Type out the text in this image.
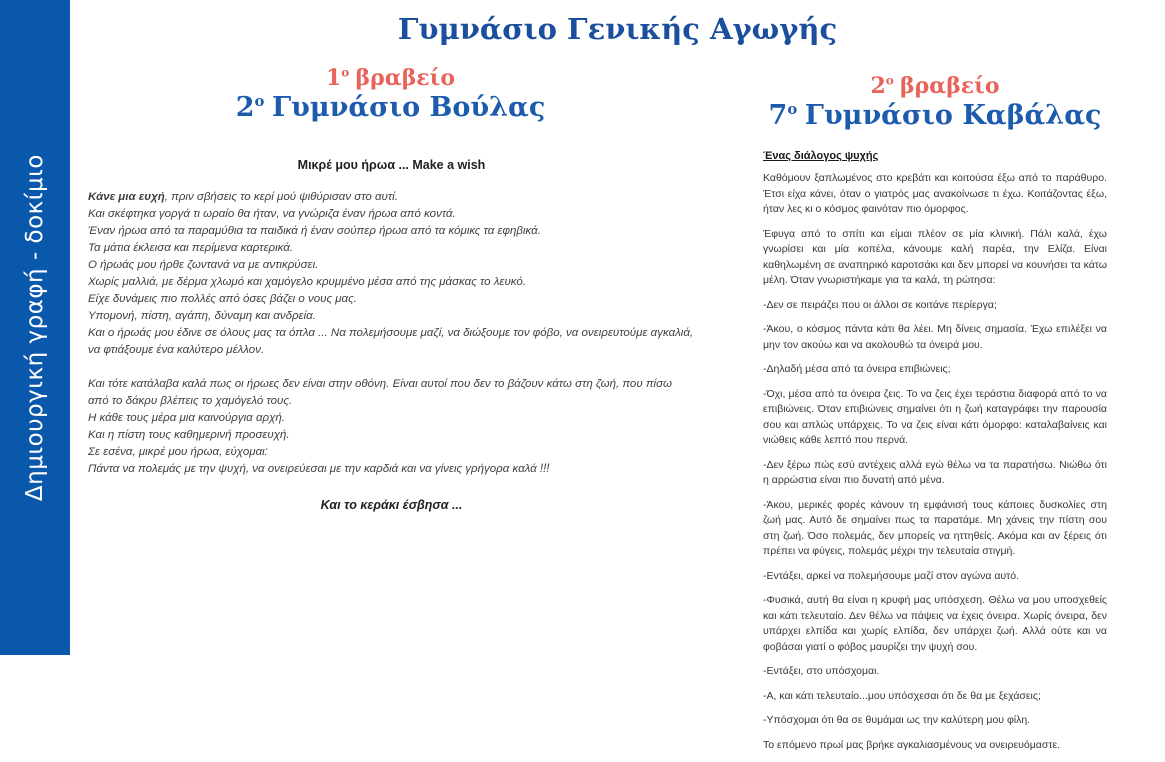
Δημιουργική γραφή - δοκίμιο
Γυμνάσιο Γενικής Αγωγής
$1^o$ βραβείο
$2^o$ Γυμνάσιο Βούλας
$2^o$ βραβείο
$7^o$ Γυμνάσιο Καβάλας
Μικρέ μου ήρωα ... Make a wish
Κάνε μια ευχή, πριν σβήσεις το κερί μού ψιθύρισαν στο αυτί.
Και σκέφτηκα γοργά τι ωραίο θα ήταν, να γνώριζα έναν ήρωα από κοντά.
Έναν ήρωα από τα παραμύθια τα παιδικά ή έναν σούπερ ήρωα από τα κόμικς τα εφηβικά.
Τα μάτια έκλεισα και περίμενα καρτερικά.
Ο ήρωάς μου ήρθε ζωντανά να με αντικρύσει.
Χωρίς μαλλιά, με δέρμα χλωμό και χαμόγελο κρυμμένο μέσα από της μάσκας το λευκό.
Είχε δυνάμεις πιο πολλές από όσες βάζει ο νους μας.
Υπομονή, πίστη, αγάπη, δύναμη και ανδρεία.
Και ο ήρωάς μου έδινε σε όλους μας τα όπλα ... Να πολεμήσουμε μαζί, να διώξουμε τον φόβο, να ονειρευτούμε αγκαλιά, να φτιάξουμε ένα καλύτερο μέλλον.
Και τότε κατάλαβα καλά πως οι ήρωες δεν είναι στην οθόνη. Είναι αυτοί που δεν το βάζουν κάτω στη ζωή, που πίσω από το δάκρυ βλέπεις το χαμόγελό τους.
Η κάθε τους μέρα μια καινούργια αρχή.
Και η πίστη τους καθημερινή προσευχή.
Σε εσένα, μικρέ μου ήρωα, εύχομαι:
Πάντα να πολεμάς με την ψυχή, να ονειρεύεσαι με την καρδιά και να γίνεις γρήγορα καλά !!!
Και το κεράκι έσβησα ...
Ένας διάλογος ψυχής

Καθόμουν ξαπλωμένος στο κρεβάτι και κοιτούσα έξω από το παράθυρο. Έτσι είχα κάνει, όταν ο γιατρός μας ανακοίνωσε τι έχω. Κοιτάζοντας έξω, ήταν λες κι ο κόσμος φαινόταν πιο όμορφος.

Έφυγα από το σπίτι και είμαι πλέον σε μία κλινική. Πάλι καλά, έχω γνωρίσει και μία κοπέλα, κάνουμε καλή παρέα, την Ελίζα. Είναι καθηλωμένη σε αναπηρικό καροτσάκι και δεν μπορεί να κουνήσει τα κάτω μέλη. Όταν γνωριστήκαμε για τα καλά, τη ρώτησα:

-Δεν σε πειράζει που οι άλλοι σε κοιτάνε περίεργα;

-Άκου, ο κόσμος πάντα κάτι θα λέει. Μη δίνεις σημασία. Έχω επιλέξει να μην τον ακούω και να ακολουθώ τα όνειρά μου.

-Δηλαδή μέσα από τα όνειρα επιβιώνεις;

-Όχι, μέσα από τα όνειρα ζεις. Το να ζεις έχει τεράστια διαφορά από το να επιβιώνεις. Όταν επιβιώνεις σημαίνει ότι η ζωή καταγράφει την παρουσία σου και απλώς υπάρχεις. Το να ζεις είναι κάτι όμορφο: καταλαβαίνεις και νιώθεις κάθε λεπτό που περνά.

-Δεν ξέρω πώς εσύ αντέχεις αλλά εγώ θέλω να τα παρατήσω. Νιώθω ότι η αρρώστια είναι πιο δυνατή από μένα.

-Άκου, μερικές φορές κάνουν τη εμφάνισή τους κάποιες δυσκολίες στη ζωή μας. Αυτό δε σημαίνει πως τα παρατάμε. Μη χάνεις την πίστη σου στη ζωή. Όσο πολεμάς, δεν μπορείς να ηττηθείς. Ακόμα και αν ξέρεις ότι πρέπει να φύγεις, πολεμάς μέχρι την τελευταία στιγμή.

-Εντάξει, αρκεί να πολεμήσουμε μαζί στον αγώνα αυτό.

-Φυσικά, αυτή θα είναι η κρυφή μας υπόσχεση. Θέλω να μου υποσχεθείς και κάτι τελευταίο. Δεν θέλω να πάψεις να έχεις όνειρα. Χωρίς όνειρα, δεν υπάρχει ελπίδα και χωρίς ελπίδα, δεν υπάρχει ζωή. Αλλά ούτε και να φοβάσαι γιατί ο φόβος μαυρίζει την ψυχή σου.

-Εντάξει, στο υπόσχομαι.

-Α, και κάτι τελευταίο...μου υπόσχεσαι ότι δε θα με ξεχάσεις;

-Υπόσχομαι ότι θα σε θυμάμαι ως την καλύτερη μου φίλη.

Το επόμενο πρωί μας βρήκε αγκαλιασμένους να ονειρευόμαστε.
